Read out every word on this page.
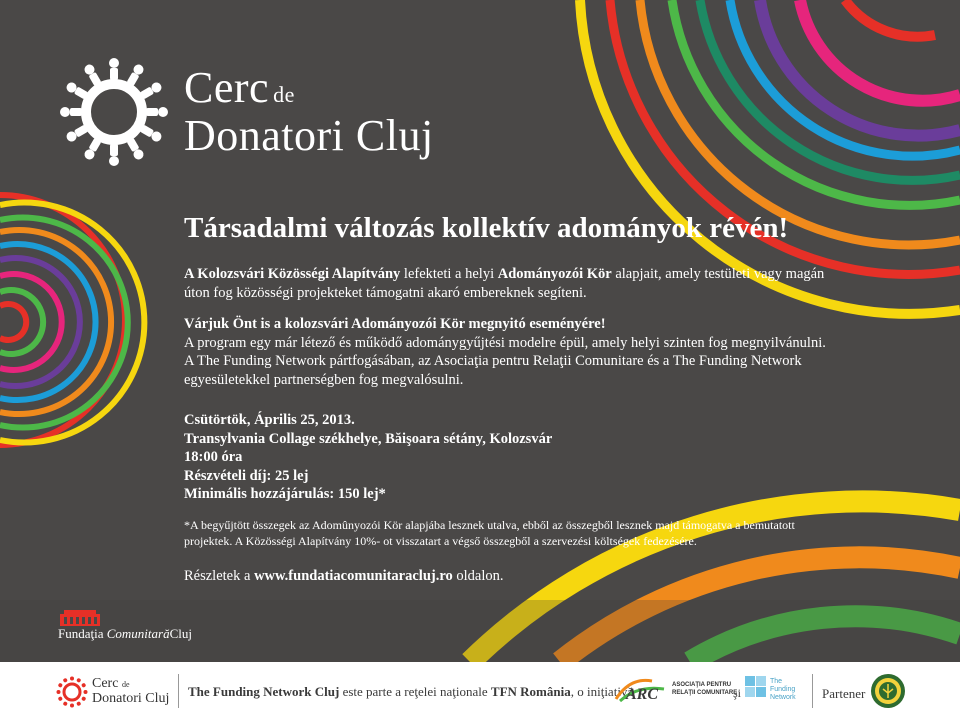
Cerc de
Donatori Cluj
Társadalmi változás kollektív adományok révén!

A Kolozsvári Közösségi Alapítvány lefekteti a helyi Adományozói Kör alapjait, amely testületi vagy magán
úton fog közösségi projekteket támogatni akaró embereknek segíteni.

Várjuk Önt is a kolozsvári Adományozói Kör megnyitó eseményére!
A program egy már létező és működő adománygyűjtési modelre épül, amely helyi szinten fog megnyilvánulni.
A The Funding Network pártfogásában, az Asociaţia pentru Relaţii Comunitare és a The Funding Network
egyesületekkel partnerségben fog megvalósulni.

Csütörtök, Április 25, 2013.
Transylvania Collage székhelye, Băişoara sétány, Kolozsvár
18:00 óra
Részvételi díj: 25 lej
Minimális hozzájárulás: 150 lej*

*A begyűjtött összegek az Adomûnyozói Kör alapjába lesznek utalva, ebből az összegből lesznek majd támogatva a bemutatott
projektek. A Közösségi Alapítvány 10%- ot visszatart a végső összegből a szervezési költségek fedezésére.
Részletek a www.fundatiacomunitaracluj.ro oldalon.
Fundaţia ComunitarăCluj
Cerc de
Donatori Cluj The Funding Network Cluj este parte a reţelei naţionale TFN România, o iniţiativă
ARC
ASOCIAŢIA PENTRU
RELAŢII COMUNITARE
şi
The
Funding
Network Partener
